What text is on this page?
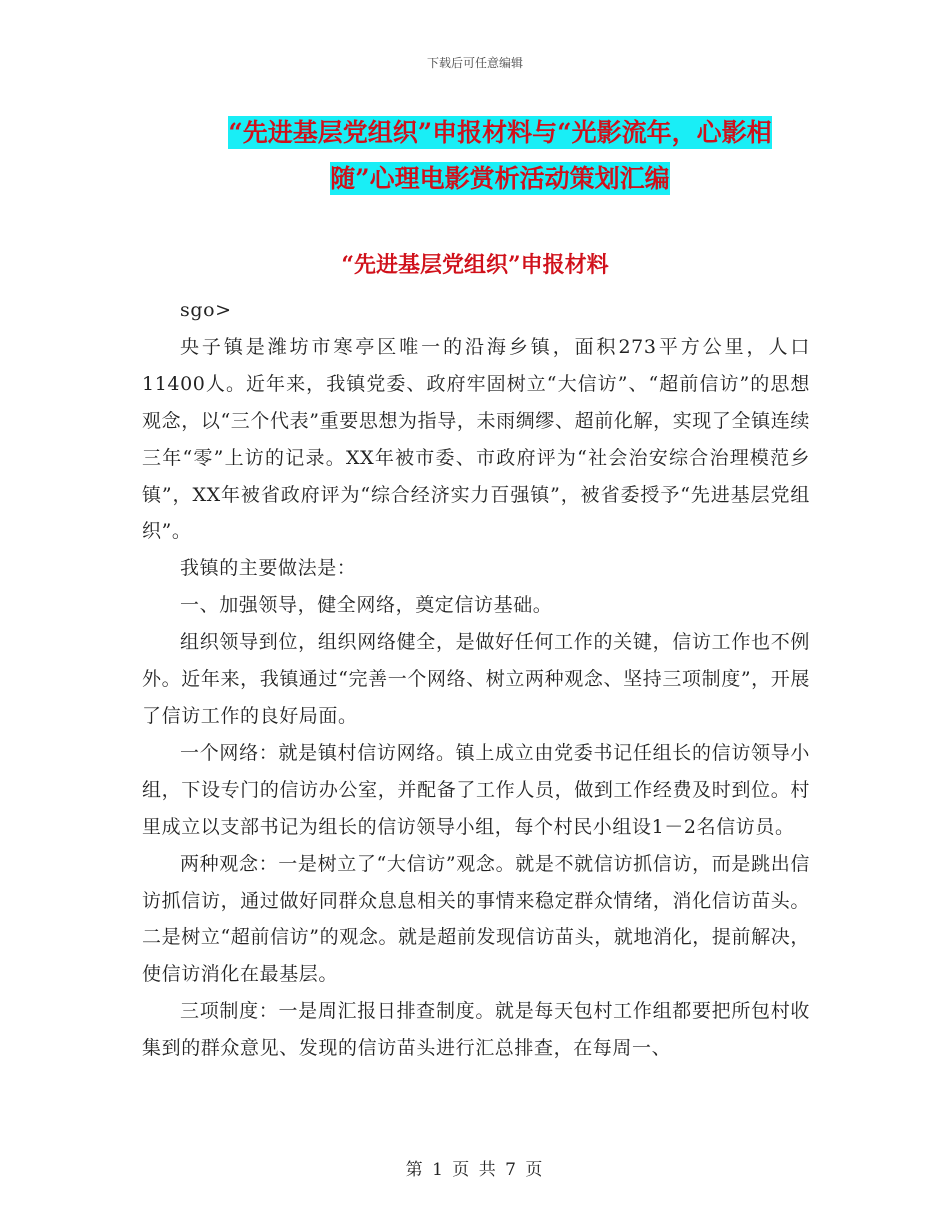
下载后可任意编辑
“先进基层党组织”申报材料与“光影流年，心影相
随”心理电影赏析活动策划汇编
“先进基层党组织”申报材料

sgo>

央子镇是潍坊市寒亭区唯一的沿海乡镇，面积273平方公里，人口11400人。近年来，我镇党委、政府牢固树立“大信访”、“超前信访”的思想观念，以“三个代表”重要思想为指导，未雨绸缪、超前化解，实现了全镇连续三年“零”上访的记录。XX年被市委、市政府评为“社会治安综合治理模范乡镇”，XX年被省政府评为“综合经济实力百强镇”，被省委授予“先进基层党组织”。

我镇的主要做法是：

一、加强领导，健全网络，奠定信访基础。

组织领导到位，组织网络健全，是做好任何工作的关键，信访工作也不例外。近年来，我镇通过“完善一个网络、树立两种观念、坚持三项制度”，开展了信访工作的良好局面。

一个网络：就是镇村信访网络。镇上成立由党委书记任组长的信访领导小组，下设专门的信访办公室，并配备了工作人员，做到工作经费及时到位。村里成立以支部书记为组长的信访领导小组，每个村民小组设1－2名信访员。

两种观念：一是树立了“大信访”观念。就是不就信访抓信访，而是跳出信访抓信访，通过做好同群众息息相关的事情来稳定群众情绪，消化信访苗头。二是树立“超前信访”的观念。就是超前发现信访苗头，就地消化，提前解决，使信访消化在最基层。

三项制度：一是周汇报日排查制度。就是每天包村工作组都要把所包村收集到的群众意见、发现的信访苗头进行汇总排查，在每周一、

第 1 页 共 7 页
